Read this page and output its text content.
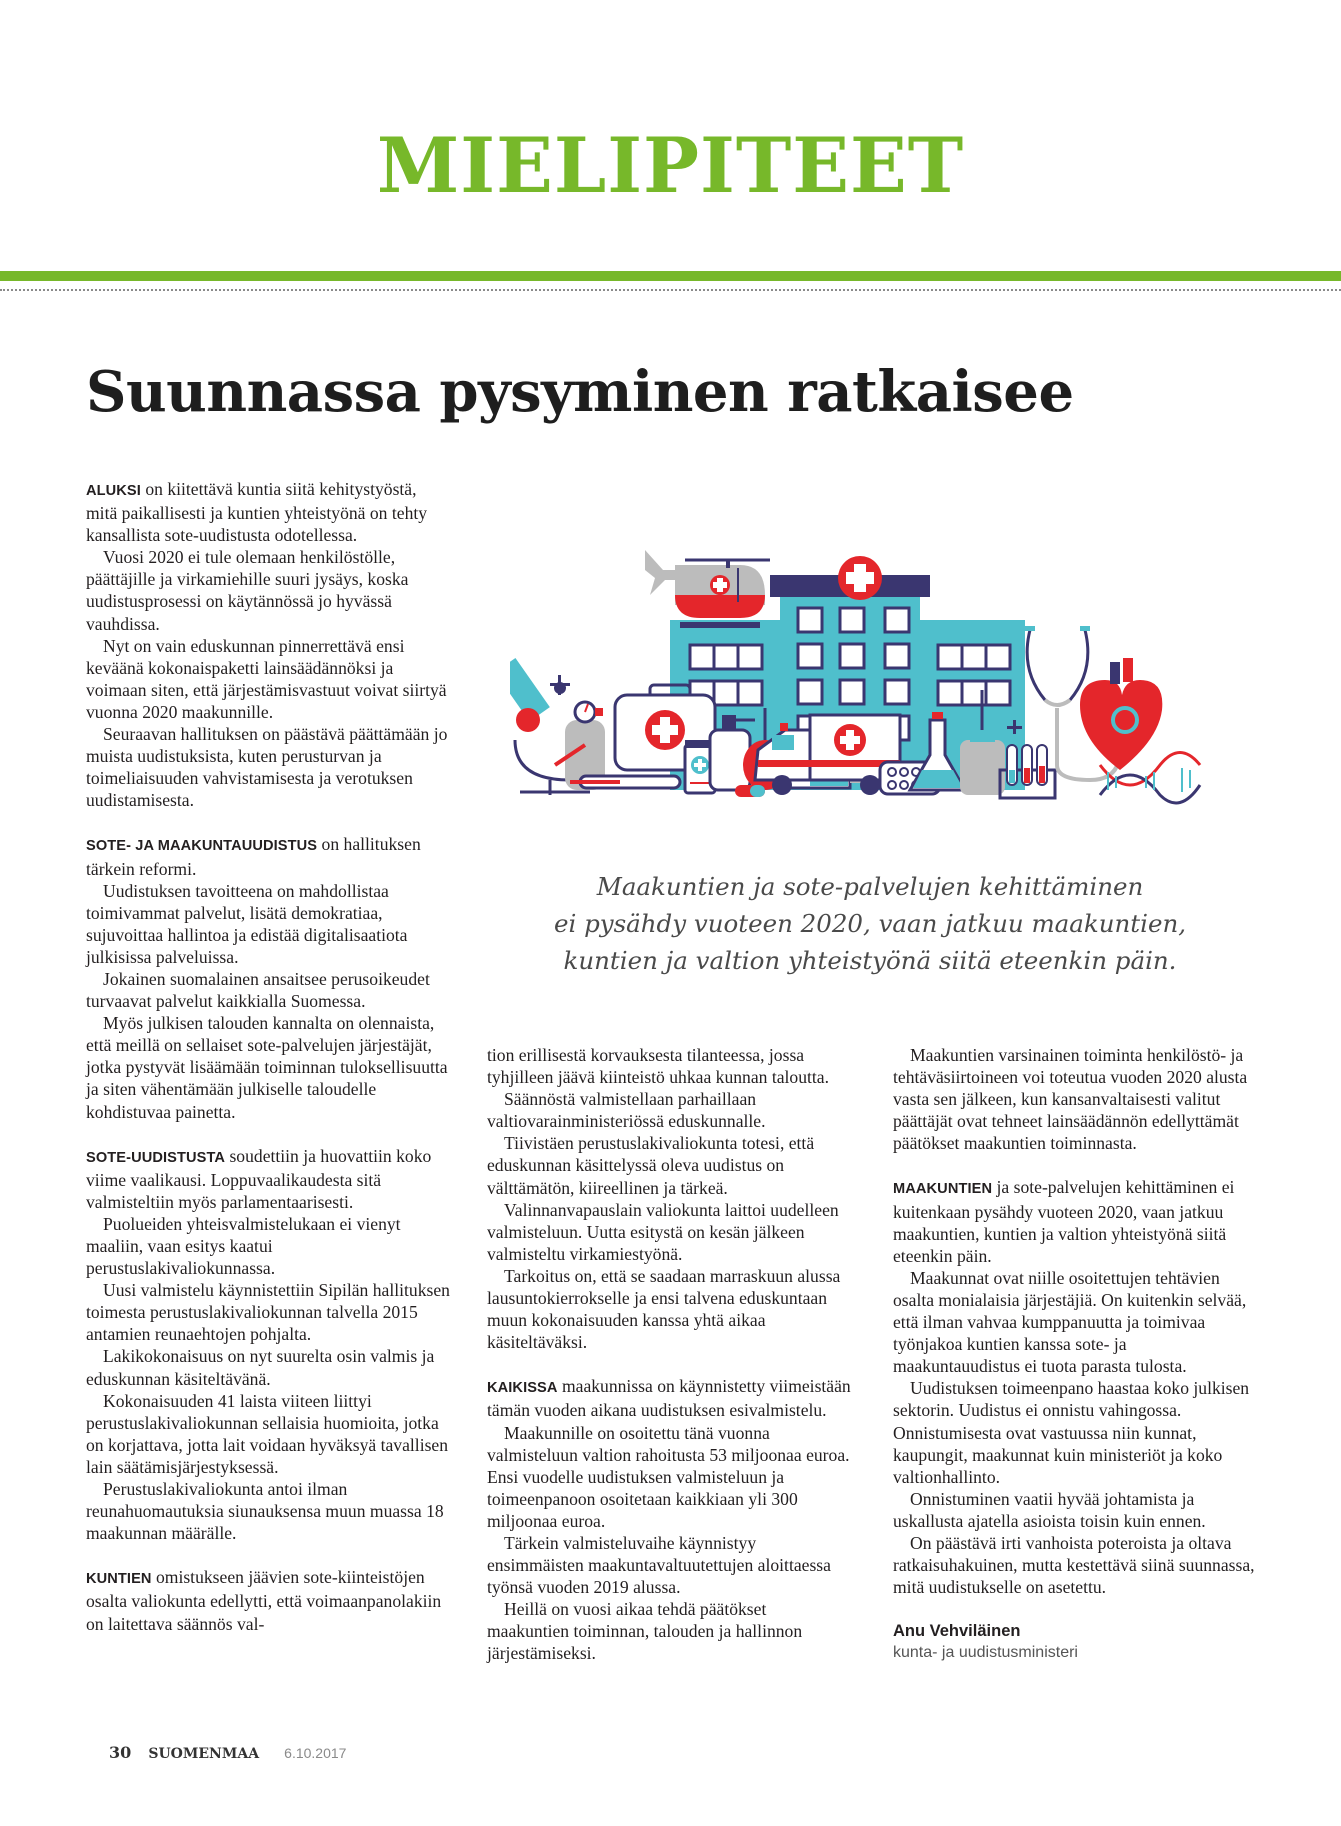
MIELIPITEET
Suunnassa pysyminen ratkaisee

ALUKSI on kiitettävä kuntia siitä kehitystyöstä, mitä paikallisesti ja kuntien yhteistyönä on tehty kansallista sote-uudistusta odotellessa.

Vuosi 2020 ei tule olemaan henkilöstölle, päättäjille ja virkamiehille suuri jysäys, koska uudistusprosessi on käytännössä jo hyvässä vauhdissa.

Nyt on vain eduskunnan pinnerrettävä ensi keväänä kokonaispaketti lainsäädännöksi ja voimaan siten, että järjestämisvastuut voivat siirtyä vuonna 2020 maakunnille.

Seuraavan hallituksen on päästävä päättämään jo muista uudistuksista, kuten perusturvan ja toimeliaisuuden vahvistamisesta ja verotuksen uudistamisesta.

SOTE- JA MAAKUNTAUUDISTUS on hallituksen tärkein reformi.

Uudistuksen tavoitteena on mahdollistaa toimivammat palvelut, lisätä demokratiaa, sujuvoittaa hallintoa ja edistää digitalisaatiota julkisissa palveluissa.

Jokainen suomalainen ansaitsee perusoikeudet turvaavat palvelut kaikkialla Suomessa.

Myös julkisen talouden kannalta on olennaista, että meillä on sellaiset sote-palvelujen järjestäjät, jotka pystyvät lisäämään toiminnan tuloksellisuutta ja siten vähentämään julkiselle taloudelle kohdistuvaa painetta.

SOTE-UUDISTUSTA soudettiin ja huovattiin koko viime vaalikausi. Loppuvaalikaudesta sitä valmisteltiin myös parlamentaarisesti.

Puolueiden yhteisvalmistelukaan ei vienyt maaliin, vaan esitys kaatui perustuslakivaliokunnassa.

Uusi valmistelu käynnistettiin Sipilän hallituksen toimesta perustuslakivaliokunnan talvella 2015 antamien reunaehtojen pohjalta.

Lakikokonaisuus on nyt suurelta osin valmis ja eduskunnan käsiteltävänä.

Kokonaisuuden 41 laista viiteen liittyi perustuslakivaliokunnan sellaisia huomioita, jotka on korjattava, jotta lait voidaan hyväksyä tavallisen lain säätämisjärjestyksessä.

Perustuslakivaliokunta antoi ilman reunahuomautuksia siunauksensa muun muassa 18 maakunnan määrälle.

KUNTIEN omistukseen jäävien sote-kiinteistöjen osalta valiokunta edellytti, että voimaanpanolakiin on laitettava säännös val-

Maakuntien ja sote-palvelujen kehittäminen
ei pysähdy vuoteen 2020, vaan jatkuu maakuntien,
kuntien ja valtion yhteistyönä siitä eteenkin päin.

tion erillisestä korvauksesta tilanteessa, jossa tyhjilleen jäävä kiinteistö uhkaa kunnan taloutta.

Säännöstä valmistellaan parhaillaan valtiovarainministeriössä eduskunnalle.

Tiivistäen perustuslakivaliokunta totesi, että eduskunnan käsittelyssä oleva uudistus on välttämätön, kiireellinen ja tärkeä.

Valinnanvapauslain valiokunta laittoi uudelleen valmisteluun. Uutta esitystä on kesän jälkeen valmisteltu virkamiestyönä.

Tarkoitus on, että se saadaan marraskuun alussa lausuntokierrokselle ja ensi talvena eduskuntaan muun kokonaisuuden kanssa yhtä aikaa käsiteltäväksi.

KAIKISSA maakunnissa on käynnistetty viimeistään tämän vuoden aikana uudistuksen esivalmistelu.

Maakunnille on osoitettu tänä vuonna valmisteluun valtion rahoitusta 53 miljoonaa euroa. Ensi vuodelle uudistuksen valmisteluun ja toimeenpanoon osoitetaan kaikkiaan yli 300 miljoonaa euroa.

Tärkein valmisteluvaihe käynnistyy ensimmäisten maakuntavaltuutettujen aloittaessa työnsä vuoden 2019 alussa.

Heillä on vuosi aikaa tehdä päätökset maakuntien toiminnan, talouden ja hallinnon järjestämiseksi.

Maakuntien varsinainen toiminta henkilöstö- ja tehtäväsiirtoineen voi toteutua vuoden 2020 alusta vasta sen jälkeen, kun kansanvaltaisesti valitut päättäjät ovat tehneet lainsäädännön edellyttämät päätökset maakuntien toiminnasta.

MAAKUNTIEN ja sote-palvelujen kehittäminen ei kuitenkaan pysähdy vuoteen 2020, vaan jatkuu maakuntien, kuntien ja valtion yhteistyönä siitä eteenkin päin.

Maakunnat ovat niille osoitettujen tehtävien osalta monialaisia järjestäjiä. On kuitenkin selvää, että ilman vahvaa kumppanuutta ja toimivaa työnjakoa kuntien kanssa sote- ja maakuntauudistus ei tuota parasta tulosta.

Uudistuksen toimeenpano haastaa koko julkisen sektorin. Uudistus ei onnistu vahingossa. Onnistumisesta ovat vastuussa niin kunnat, kaupungit, maakunnat kuin ministeriöt ja koko valtionhallinto.

Onnistuminen vaatii hyvää johtamista ja uskallusta ajatella asioista toisin kuin ennen.

On päästävä irti vanhoista poteroista ja oltava ratkaisuhakuinen, mutta kestettävä siinä suunnassa, mitä uudistukselle on asetettu.

Anu Vehviläinen
kunta- ja uudistusministeri
30 SUOMENMAA 6.10.2017
